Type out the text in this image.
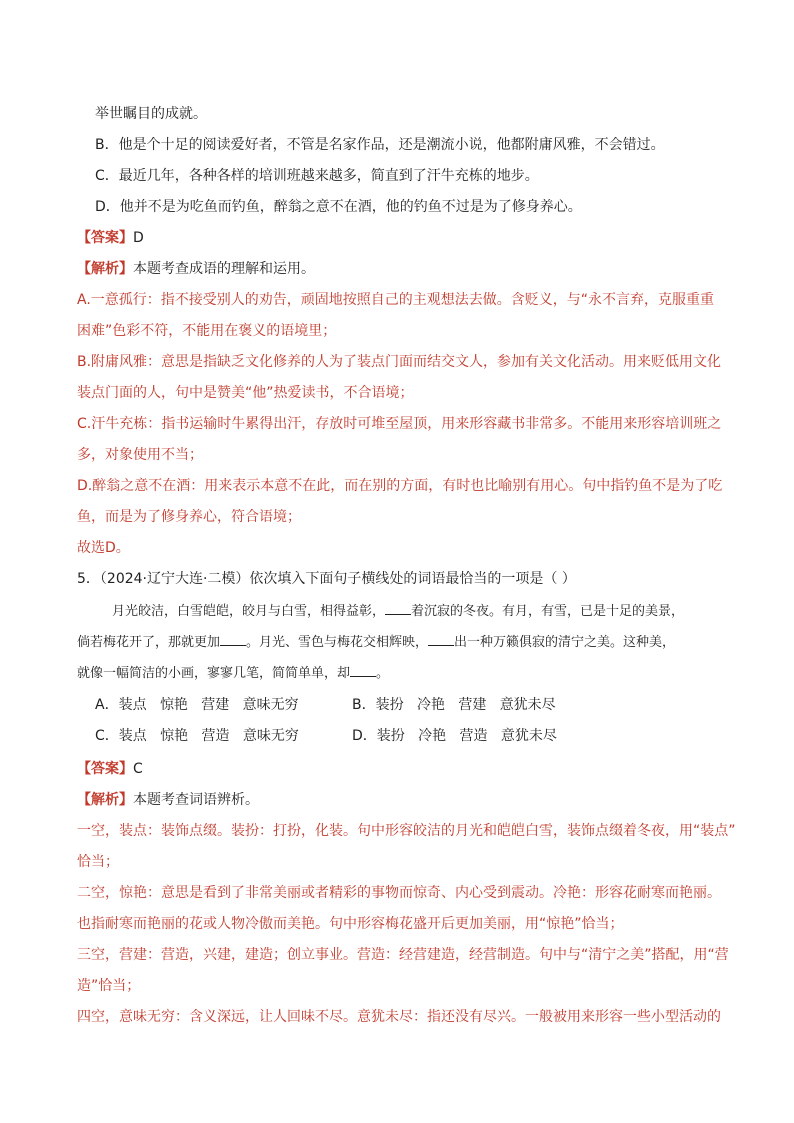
举世瞩目的成就。
B．他是个十足的阅读爱好者，不管是名家作品，还是潮流小说，他都附庸风雅，不会错过。
C．最近几年，各种各样的培训班越来越多，简直到了汗牛充栋的地步。
D．他并不是为吃鱼而钓鱼，醉翁之意不在酒，他的钓鱼不过是为了修身养心。
【答案】D
【解析】本题考查成语的理解和运用。
A.一意孤行：指不接受别人的劝告，顽固地按照自己的主观想法去做。含贬义，与“永不言弃，克服重重
困难”色彩不符，不能用在褒义的语境里；
B.附庸风雅：意思是指缺乏文化修养的人为了装点门面而结交文人，参加有关文化活动。用来贬低用文化
装点门面的人，句中是赞美“他”热爱读书，不合语境；
C.汗牛充栋：指书运输时牛累得出汗，存放时可堆至屋顶，用来形容藏书非常多。不能用来形容培训班之
多，对象使用不当；
D.醉翁之意不在酒：用来表示本意不在此，而在别的方面，有时也比喻别有用心。句中指钓鱼不是为了吃
鱼，而是为了修身养心，符合语境；
故选D。
5．（2024·辽宁大连·二模）依次填入下面句子横线处的词语最恰当的一项是（ ）
月光皎洁，白雪皑皑，皎月与白雪，相得益彰， 着沉寂的冬夜。有月，有雪，已是十足的美景，
倘若梅花开了，那就更加 。月光、雪色与梅花交相辉映， 出一种万籁俱寂的清宁之美。这种美，
就像一幅简洁的小画，寥寥几笔，简简单单，却 。
A．装点 惊艳 营建 意味无穷	B．装扮 冷艳 营建 意犹未尽
C．装点 惊艳 营造 意味无穷	D．装扮 冷艳 营造 意犹未尽
【答案】C
【解析】本题考查词语辨析。
一空，装点：装饰点缀。装扮：打扮，化装。句中形容皎洁的月光和皑皑白雪，装饰点缀着冬夜，用“装点”
恰当；
二空，惊艳：意思是看到了非常美丽或者精彩的事物而惊奇、内心受到震动。冷艳：形容花耐寒而艳丽。
也指耐寒而艳丽的花或人物冷傲而美艳。句中形容梅花盛开后更加美丽，用“惊艳”恰当；
三空，营建：营造，兴建，建造；创立事业。营造：经营建造，经营制造。句中与“清宁之美”搭配，用“营
造”恰当；
四空，意味无穷：含义深远，让人回味不尽。意犹未尽：指还没有尽兴。一般被用来形容一些小型活动的
